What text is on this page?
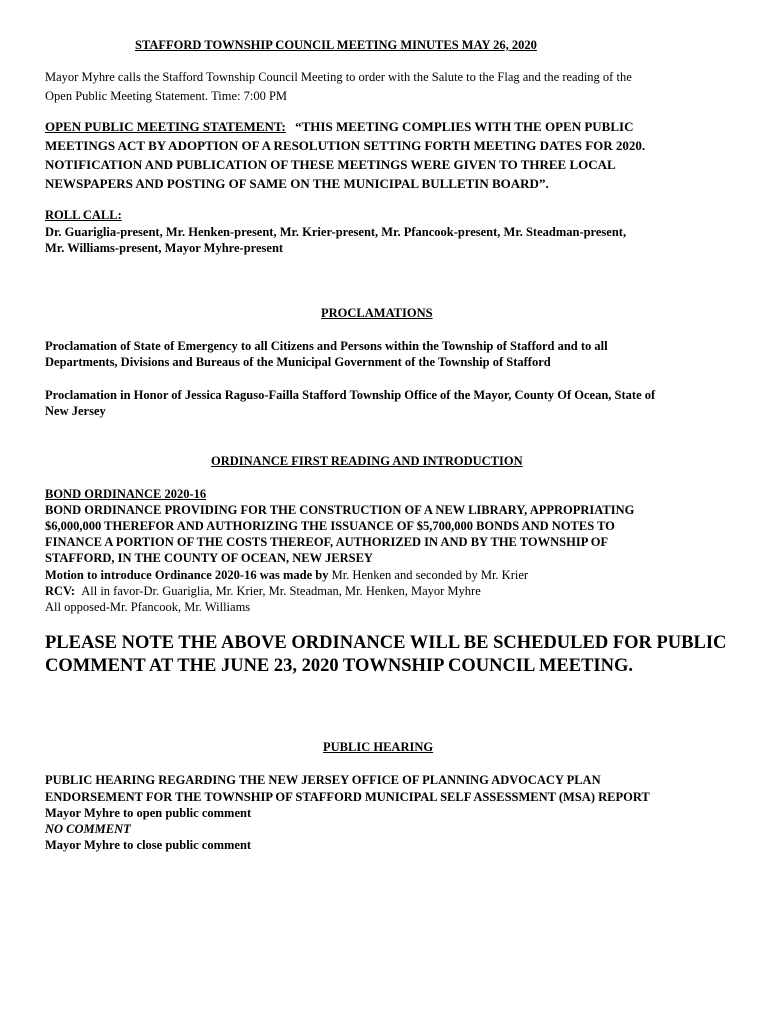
STAFFORD TOWNSHIP COUNCIL MEETING MINUTES MAY 26, 2020
Mayor Myhre calls the Stafford Township Council Meeting to order with the Salute to the Flag and the reading of the
Open Public Meeting Statement. Time: 7:00 PM
OPEN PUBLIC MEETING STATEMENT: “THIS MEETING COMPLIES WITH THE OPEN PUBLIC
MEETINGS ACT BY ADOPTION OF A RESOLUTION SETTING FORTH MEETING DATES FOR 2020.
NOTIFICATION AND PUBLICATION OF THESE MEETINGS WERE GIVEN TO THREE LOCAL
NEWSPAPERS AND POSTING OF SAME ON THE MUNICIPAL BULLETIN BOARD”.
ROLL CALL:
Dr. Guariglia-present, Mr. Henken-present, Mr. Krier-present, Mr. Pfancook-present, Mr. Steadman-present,
Mr. Williams-present, Mayor Myhre-present
PROCLAMATIONS
Proclamation of State of Emergency to all Citizens and Persons within the Township of Stafford and to all
Departments, Divisions and Bureaus of the Municipal Government of the Township of Stafford
Proclamation in Honor of Jessica Raguso-Failla Stafford Township Office of the Mayor, County Of Ocean, State of
New Jersey
ORDINANCE FIRST READING AND INTRODUCTION
BOND ORDINANCE 2020-16
BOND ORDINANCE PROVIDING FOR THE CONSTRUCTION OF A NEW LIBRARY, APPROPRIATING
$6,000,000 THEREFOR AND AUTHORIZING THE ISSUANCE OF $5,700,000 BONDS AND NOTES TO
FINANCE A PORTION OF THE COSTS THEREOF, AUTHORIZED IN AND BY THE TOWNSHIP OF
STAFFORD, IN THE COUNTY OF OCEAN, NEW JERSEY
Motion to introduce Ordinance 2020-16 was made by Mr. Henken and seconded by Mr. Krier
RCV: All in favor-Dr. Guariglia, Mr. Krier, Mr. Steadman, Mr. Henken, Mayor Myhre
All opposed-Mr. Pfancook, Mr. Williams
PLEASE NOTE THE ABOVE ORDINANCE WILL BE SCHEDULED FOR PUBLIC
COMMENT AT THE JUNE 23, 2020 TOWNSHIP COUNCIL MEETING.
PUBLIC HEARING
PUBLIC HEARING REGARDING THE NEW JERSEY OFFICE OF PLANNING ADVOCACY PLAN
ENDORSEMENT FOR THE TOWNSHIP OF STAFFORD MUNICIPAL SELF ASSESSMENT (MSA) REPORT
Mayor Myhre to open public comment
NO COMMENT
Mayor Myhre to close public comment
